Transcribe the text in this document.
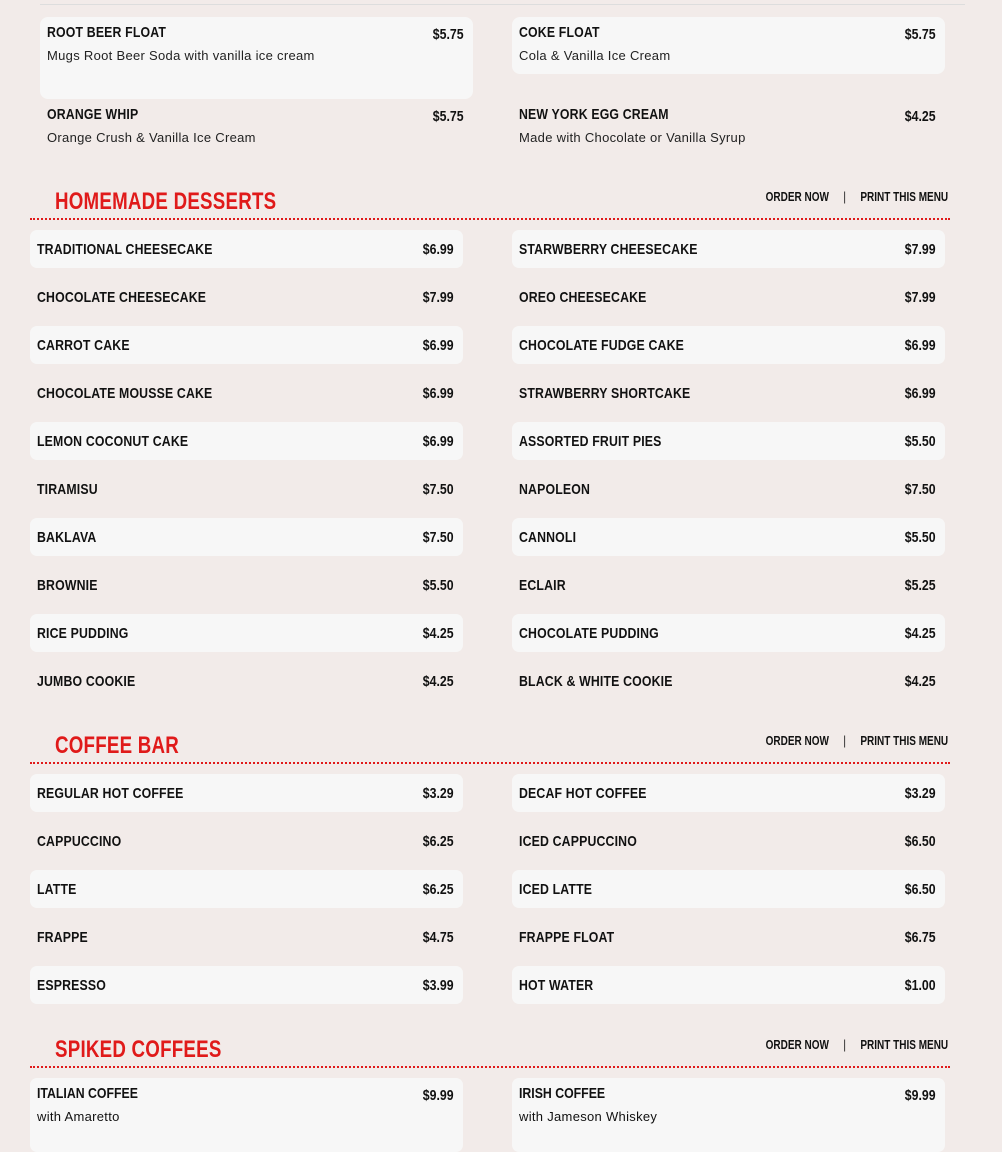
ROOT BEER FLOAT	$5.75
Mugs Root Beer Soda with vanilla ice cream
COKE FLOAT	$5.75
Cola & Vanilla Ice Cream
ORANGE WHIP	$5.75
Orange Crush & Vanilla Ice Cream
NEW YORK EGG CREAM	$4.25
Made with Chocolate or Vanilla Syrup
HOMEMADE DESSERTS	ORDER NOW | PRINT THIS MENU
TRADITIONAL CHEESECAKE	$6.99
CHOCOLATE CHEESECAKE	$7.99
CARROT CAKE	$6.99
CHOCOLATE MOUSSE CAKE	$6.99
LEMON COCONUT CAKE	$6.99
TIRAMISU	$7.50
BAKLAVA	$7.50
BROWNIE	$5.50
RICE PUDDING	$4.25
JUMBO COOKIE	$4.25
STARWBERRY CHEESECAKE	$7.99
OREO CHEESECAKE	$7.99
CHOCOLATE FUDGE CAKE	$6.99
STRAWBERRY SHORTCAKE	$6.99
ASSORTED FRUIT PIES	$5.50
NAPOLEON	$7.50
CANNOLI	$5.50
ECLAIR	$5.25
CHOCOLATE PUDDING	$4.25
BLACK & WHITE COOKIE	$4.25
COFFEE BAR	ORDER NOW | PRINT THIS MENU
REGULAR HOT COFFEE	$3.29
CAPPUCCINO	$6.25
LATTE	$6.25
FRAPPE	$4.75
ESPRESSO	$3.99
DECAF HOT COFFEE	$3.29
ICED CAPPUCCINO	$6.50
ICED LATTE	$6.50
FRAPPE FLOAT	$6.75
HOT WATER	$1.00
SPIKED COFFEES	ORDER NOW | PRINT THIS MENU
ITALIAN COFFEE	$9.99
with Amaretto
IRISH COFFEE	$9.99
with Jameson Whiskey
